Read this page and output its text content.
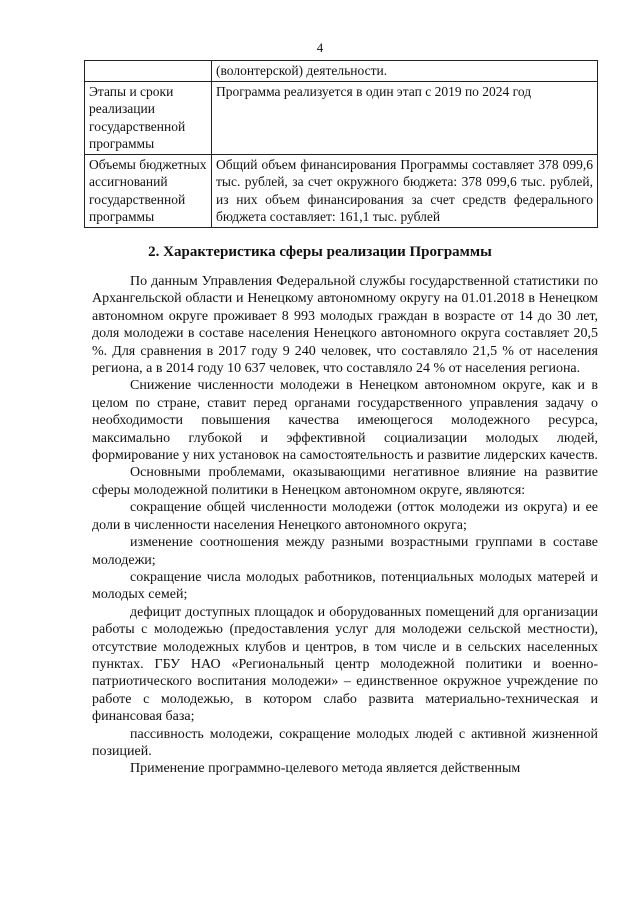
4
	(волонтерской) деятельности.
Этапы и сроки реализации государственной программы	Программа реализуется в один этап с 2019 по 2024 год
Объемы бюджетных ассигнований государственной программы	Общий объем финансирования Программы составляет 378 099,6 тыс. рублей, за счет окружного бюджета: 378 099,6 тыс. рублей, из них объем финансирования за счет средств федерального бюджета составляет: 161,1 тыс. рублей
2. Характеристика сферы реализации Программы

По данным Управления Федеральной службы государственной статистики по Архангельской области и Ненецкому автономному округу на 01.01.2018 в Ненецком автономном округе проживает 8 993 молодых граждан в возрасте от 14 до 30 лет, доля молодежи в составе населения Ненецкого автономного округа составляет 20,5 %. Для сравнения в 2017 году 9 240 человек, что составляло 21,5 % от населения региона, а в 2014 году 10 637 человек, что составляло 24 % от населения региона.

Снижение численности молодежи в Ненецком автономном округе, как и в целом по стране, ставит перед органами государственного управления задачу о необходимости повышения качества имеющегося молодежного ресурса, максимально глубокой и эффективной социализации молодых людей, формирование у них установок на самостоятельность и развитие лидерских качеств.

Основными проблемами, оказывающими негативное влияние на развитие сферы молодежной политики в Ненецком автономном округе, являются:

сокращение общей численности молодежи (отток молодежи из округа) и ее доли в численности населения Ненецкого автономного округа;

изменение соотношения между разными возрастными группами в составе молодежи;

сокращение числа молодых работников, потенциальных молодых матерей и молодых семей;

дефицит доступных площадок и оборудованных помещений для организации работы с молодежью (предоставления услуг для молодежи сельской местности), отсутствие молодежных клубов и центров, в том числе и в сельских населенных пунктах. ГБУ НАО «Региональный центр молодежной политики и военно-патриотического воспитания молодежи» – единственное окружное учреждение по работе с молодежью, в котором слабо развита материально-техническая и финансовая база;

пассивность молодежи, сокращение молодых людей с активной жизненной позицией.

Применение программно-целевого метода является действенным
